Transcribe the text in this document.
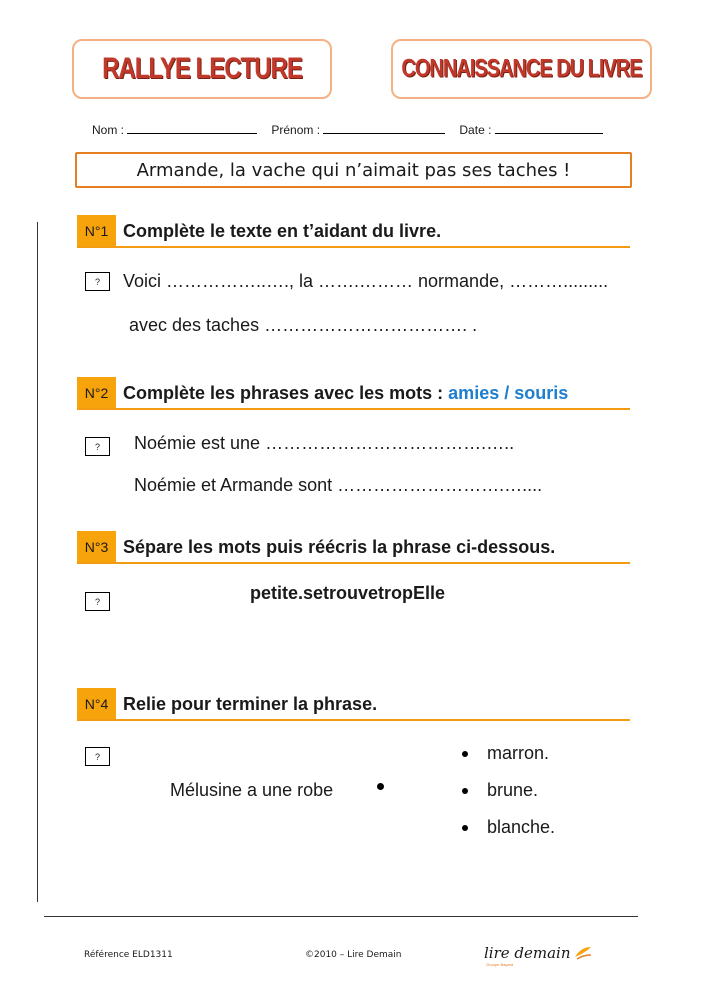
RALLYE LECTURE	CONNAISSANCE DU LIVRE
Nom :	Prénom :	Date :
Armande, la vache qui n’aimait pas ses taches !
N°1 Complète le texte en t’aidant du livre.
?	Voici ……………..…., la …….……… normande, ……….........
avec des taches ……………………………. .
N°2 Complète les phrases avec les mots : amies / souris
?	Noémie est une ……………………………….…..
Noémie et Armande sont ……………………….…....
N°3 Sépare les mots puis réécris la phrase ci-dessous.
?	petite.setrouvetropElle
N°4 Relie pour terminer la phrase.
?
Mélusine a une robe
marron.
brune.
blanche.
Référence ELD1311	©2010 – Lire Demain	lire demain
Groupe Bayard
